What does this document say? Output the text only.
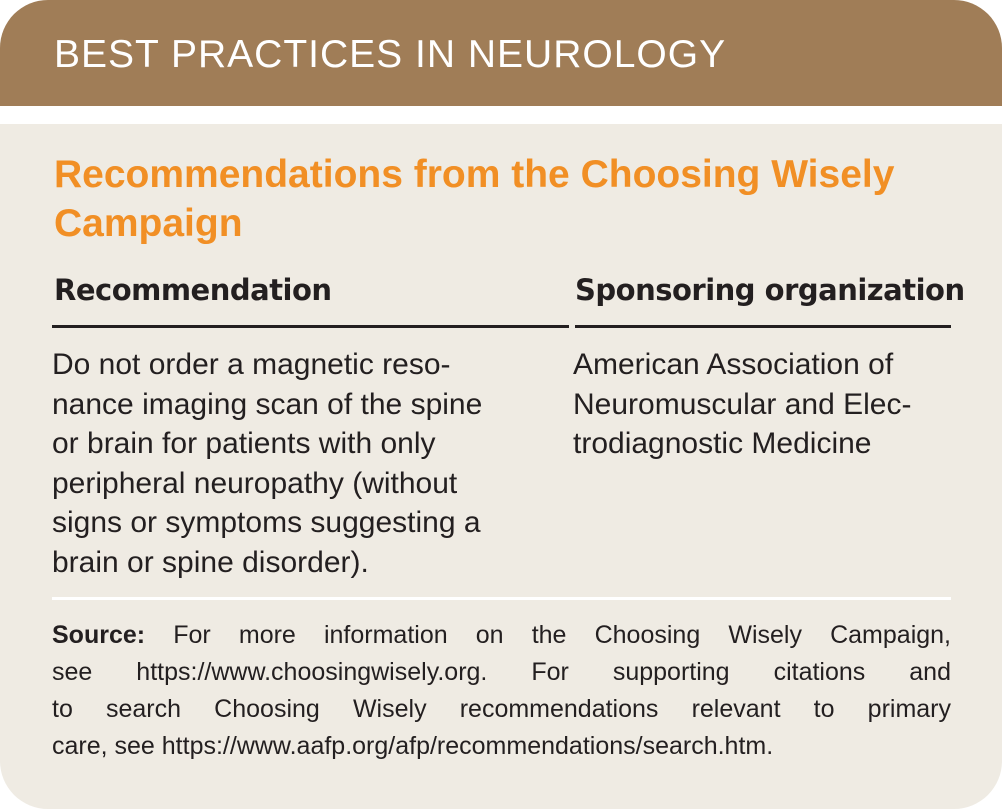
BEST PRACTICES IN NEUROLOGY
Recommendations from the Choosing Wisely Campaign
Recommendation	Sponsoring organization
Do not order a magnetic reso-
nance imaging scan of the spine
or brain for patients with only
peripheral neuropathy (without
signs or symptoms suggesting a
brain or spine disorder).
American Association of
Neuromuscular and Elec-
trodiagnostic Medicine
Source: For more information on the Choosing Wisely Campaign,
see https://www.choosingwisely.org. For supporting citations and
to search Choosing Wisely recommendations relevant to primary
care, see https://www.aafp.org/afp/recommendations/search.htm.
